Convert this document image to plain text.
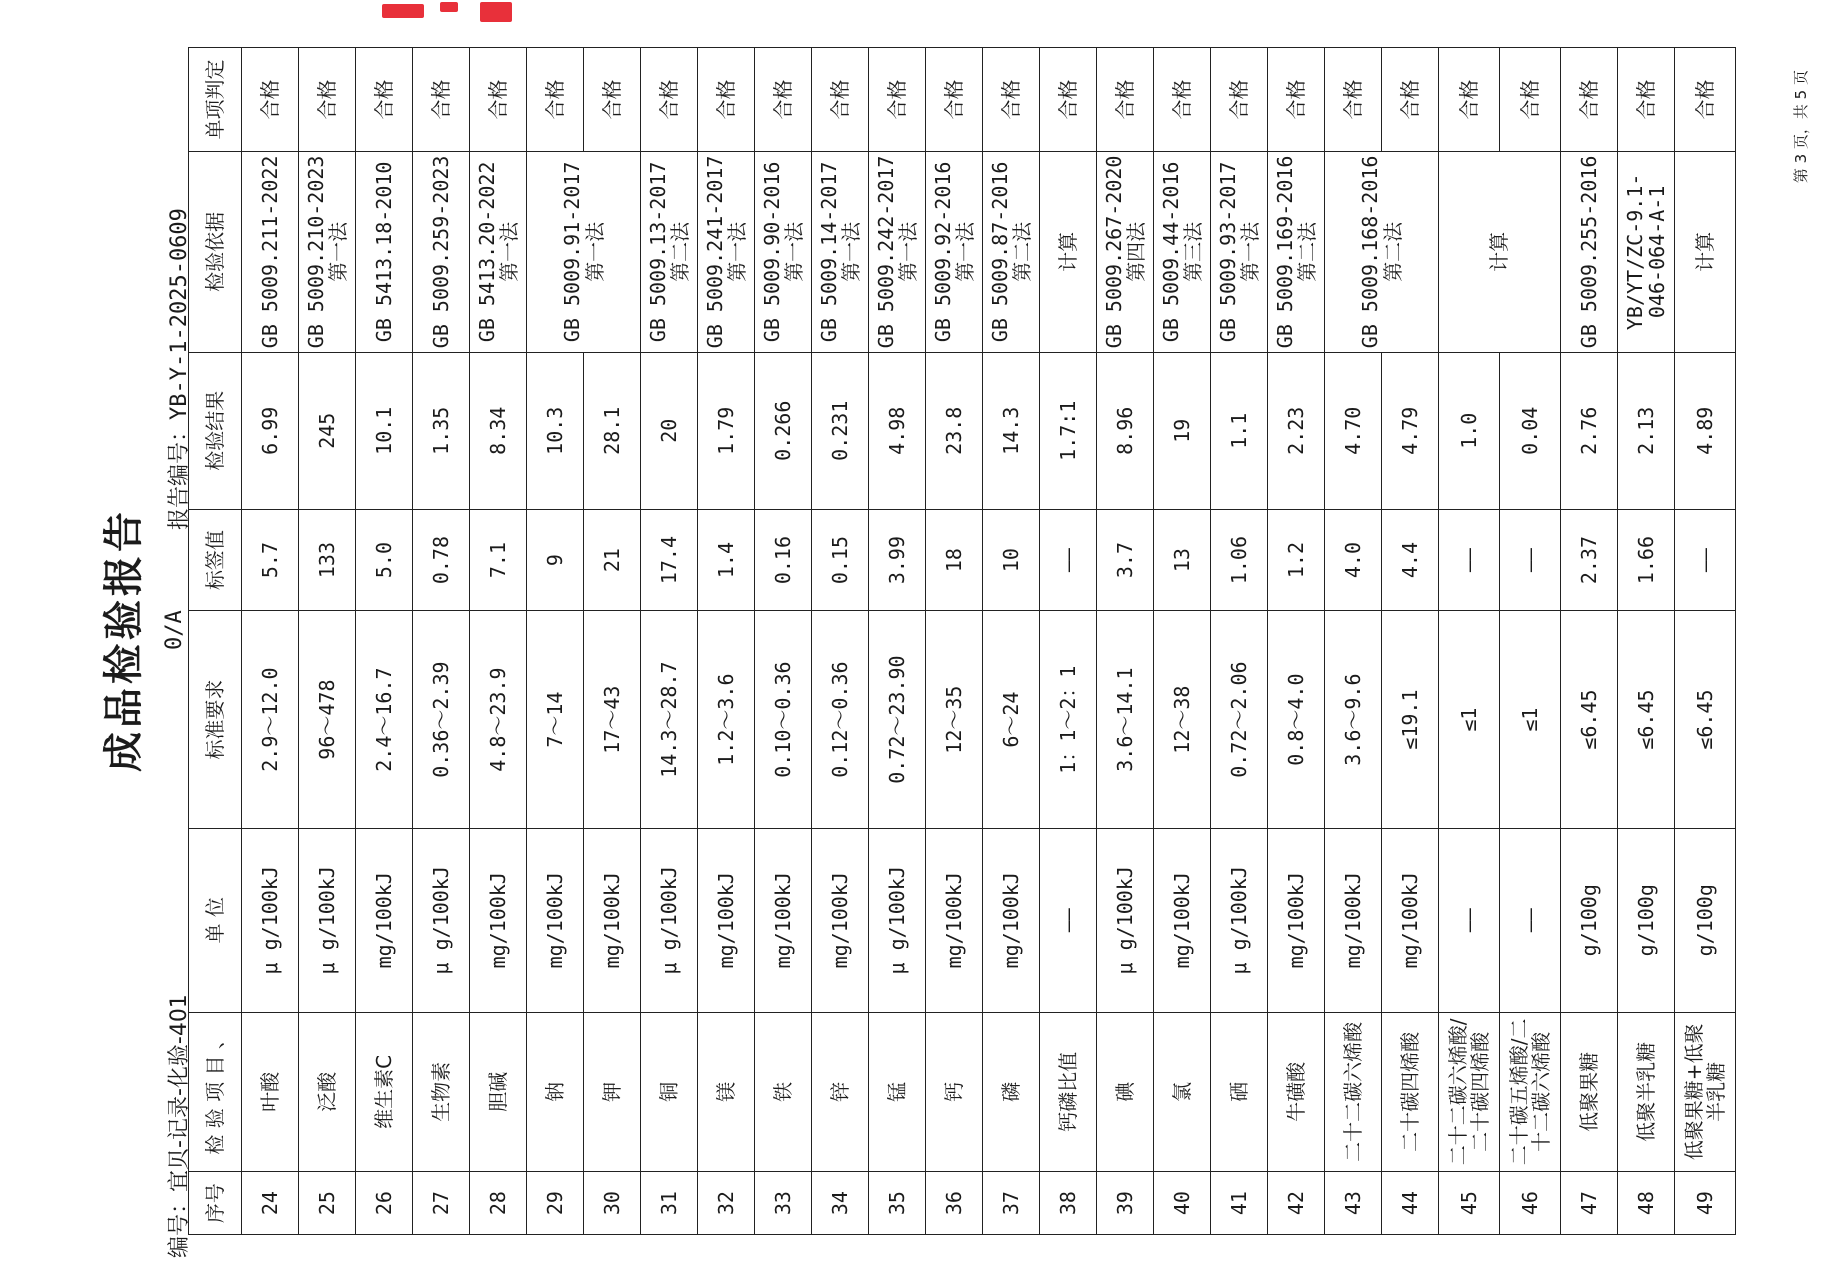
成品检验报告
编号：宜贝-记录-化验-401
0/A
报告编号：YB-Y-1-2025-0609
序号	检 验 项 目 、	单 位	标准要求	标签值	检验结果	检验依据	单项判定
24	叶酸	μ g/100kJ	2.9～12.0	5.7	6.99	GB 5009.211-2022	合格
25	泛酸	μ g/100kJ	96～478	133	245	GB 5009.210-2023 第一法	合格
26	维生素C	mg/100kJ	2.4～16.7	5.0	10.1	GB 5413.18-2010	合格
27	生物素	μ g/100kJ	0.36～2.39	0.78	1.35	GB 5009.259-2023	合格
28	胆碱	mg/100kJ	4.8～23.9	7.1	8.34	GB 5413.20-2022 第一法	合格
29	钠	mg/100kJ	7～14	9	10.3	GB 5009.91-2017 第一法	合格
30	钾	mg/100kJ	17～43	21	28.1		合格
31	铜	μ g/100kJ	14.3～28.7	17.4	20	GB 5009.13-2017 第二法	合格
32	镁	mg/100kJ	1.2～3.6	1.4	1.79	GB 5009.241-2017 第一法	合格
33	铁	mg/100kJ	0.10～0.36	0.16	0.266	GB 5009.90-2016 第一法	合格
34	锌	mg/100kJ	0.12～0.36	0.15	0.231	GB 5009.14-2017 第一法	合格
35	锰	μ g/100kJ	0.72～23.90	3.99	4.98	GB 5009.242-2017 第一法	合格
36	钙	mg/100kJ	12～35	18	23.8	GB 5009.92-2016 第一法	合格
37	磷	mg/100kJ	6～24	10	14.3	GB 5009.87-2016 第二法	合格
38	钙磷比值	——	1：1～2：1	——	1.7:1	计算	合格
39	碘	μ g/100kJ	3.6～14.1	3.7	8.96	GB 5009.267-2020 第四法	合格
40	氯	mg/100kJ	12～38	13	19	GB 5009.44-2016 第三法	合格
41	硒	μ g/100kJ	0.72～2.06	1.06	1.1	GB 5009.93-2017 第一法	合格
42	牛磺酸	mg/100kJ	0.8～4.0	1.2	2.23	GB 5009.169-2016 第二法	合格
43	二十二碳六烯酸	mg/100kJ	3.6～9.6	4.0	4.70	GB 5009.168-2016 第二法	合格
44	二十碳四烯酸	mg/100kJ	≤19.1	4.4	4.79		合格
45	二十二碳六烯酸/二十碳四烯酸	——	≤1	——	1.0	计算	合格
46	二十碳五烯酸/二十二碳六烯酸	——	≤1	——	0.04		合格
47	低聚果糖	g/100g	≤6.45	2.37	2.76	GB 5009.255-2016	合格
48	低聚半乳糖	g/100g	≤6.45	1.66	2.13	YB/YT/ZC-9.1-046-064-A-1	合格
49	低聚果糖+低聚半乳糖	g/100g	≤6.45	——	4.89	计算	合格	第 3 页，共 5 页
